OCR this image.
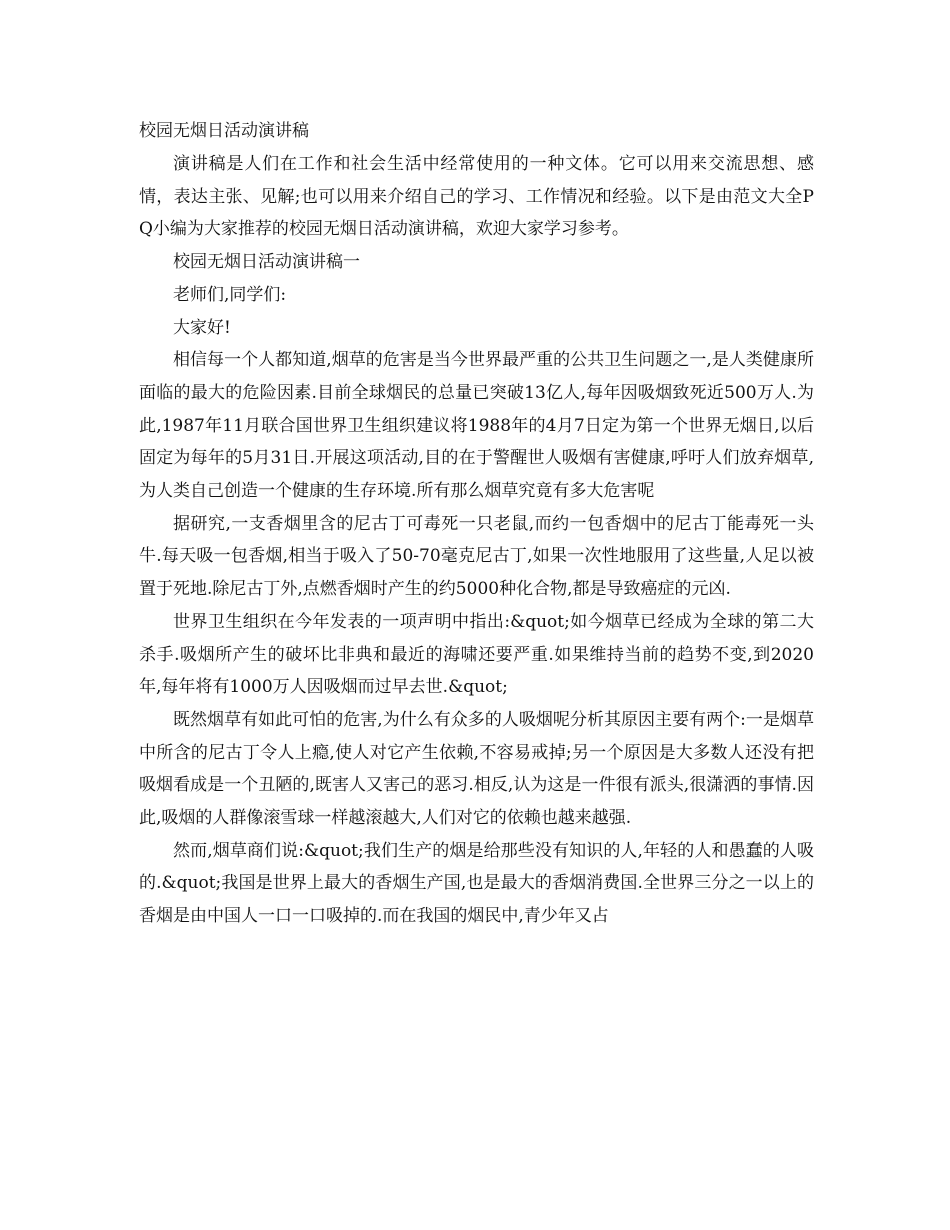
校园无烟日活动演讲稿

演讲稿是人们在工作和社会生活中经常使用的一种文体。它可以用来交流思想、感情，表达主张、见解;也可以用来介绍自己的学习、工作情况和经验。以下是由范文大全PQ小编为大家推荐的校园无烟日活动演讲稿，欢迎大家学习参考。

校园无烟日活动演讲稿一

老师们,同学们:

大家好!

相信每一个人都知道,烟草的危害是当今世界最严重的公共卫生问题之一,是人类健康所面临的最大的危险因素.目前全球烟民的总量已突破13亿人,每年因吸烟致死近500万人.为此,1987年11月联合国世界卫生组织建议将1988年的4月7日定为第一个世界无烟日,以后固定为每年的5月31日.开展这项活动,目的在于警醒世人吸烟有害健康,呼吁人们放弃烟草,为人类自己创造一个健康的生存环境.所有那么烟草究竟有多大危害呢

据研究,一支香烟里含的尼古丁可毒死一只老鼠,而约一包香烟中的尼古丁能毒死一头牛.每天吸一包香烟,相当于吸入了50-70毫克尼古丁,如果一次性地服用了这些量,人足以被置于死地.除尼古丁外,点燃香烟时产生的约5000种化合物,都是导致癌症的元凶.

世界卫生组织在今年发表的一项声明中指出:&quot;如今烟草已经成为全球的第二大杀手.吸烟所产生的破坏比非典和最近的海啸还要严重.如果维持当前的趋势不变,到2020年,每年将有1000万人因吸烟而过早去世.&quot;

既然烟草有如此可怕的危害,为什么有众多的人吸烟呢分析其原因主要有两个:一是烟草中所含的尼古丁令人上瘾,使人对它产生依赖,不容易戒掉;另一个原因是大多数人还没有把吸烟看成是一个丑陋的,既害人又害己的恶习.相反,认为这是一件很有派头,很潇洒的事情.因此,吸烟的人群像滚雪球一样越滚越大,人们对它的依赖也越来越强.

然而,烟草商们说:&quot;我们生产的烟是给那些没有知识的人,年轻的人和愚蠢的人吸的.&quot;我国是世界上最大的香烟生产国,也是最大的香烟消费国.全世界三分之一以上的香烟是由中国人一口一口吸掉的.而在我国的烟民中,青少年又占
